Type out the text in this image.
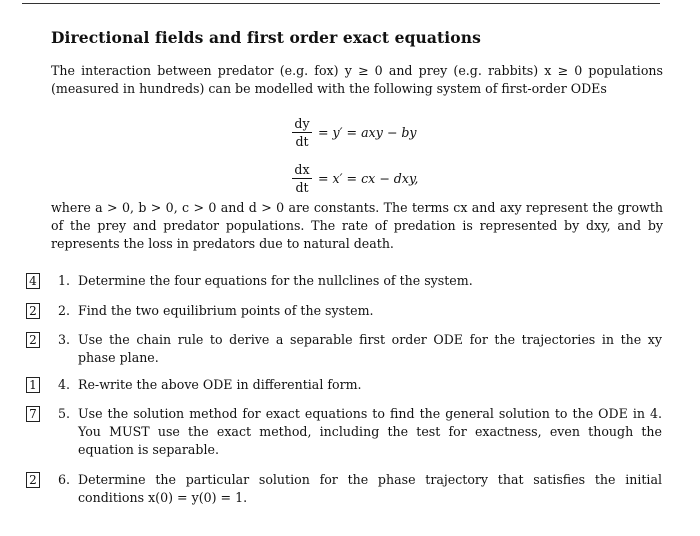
Directional fields and first order exact equations
The interaction between predator (e.g. fox) y ≥ 0 and prey (e.g. rabbits) x ≥ 0 populations (measured in hundreds) can be modelled with the following system of first-order ODEs
$\frac{dy}{dt} = y'$ = axy − by
$\frac{dx}{dt} = x'$ = cx − dxy,
where a > 0, b > 0, c > 0 and d > 0 are constants. The terms cx and axy represent the growth of the prey and predator populations. The rate of predation is represented by dxy, and by represents the loss in predators due to natural death.
4 1. Determine the four equations for the nullclines of the system.
2 2. Find the two equilibrium points of the system.
2 3. Use the chain rule to derive a separable first order ODE for the trajectories in the xy phase plane.
1 4. Re-write the above ODE in differential form.
7 5. Use the solution method for exact equations to find the general solution to the ODE in 4. You MUST use the exact method, including the test for exactness, even though the equation is separable.
2 6. Determine the particular solution for the phase trajectory that satisfies the initial conditions x(0) = y(0) = 1.
